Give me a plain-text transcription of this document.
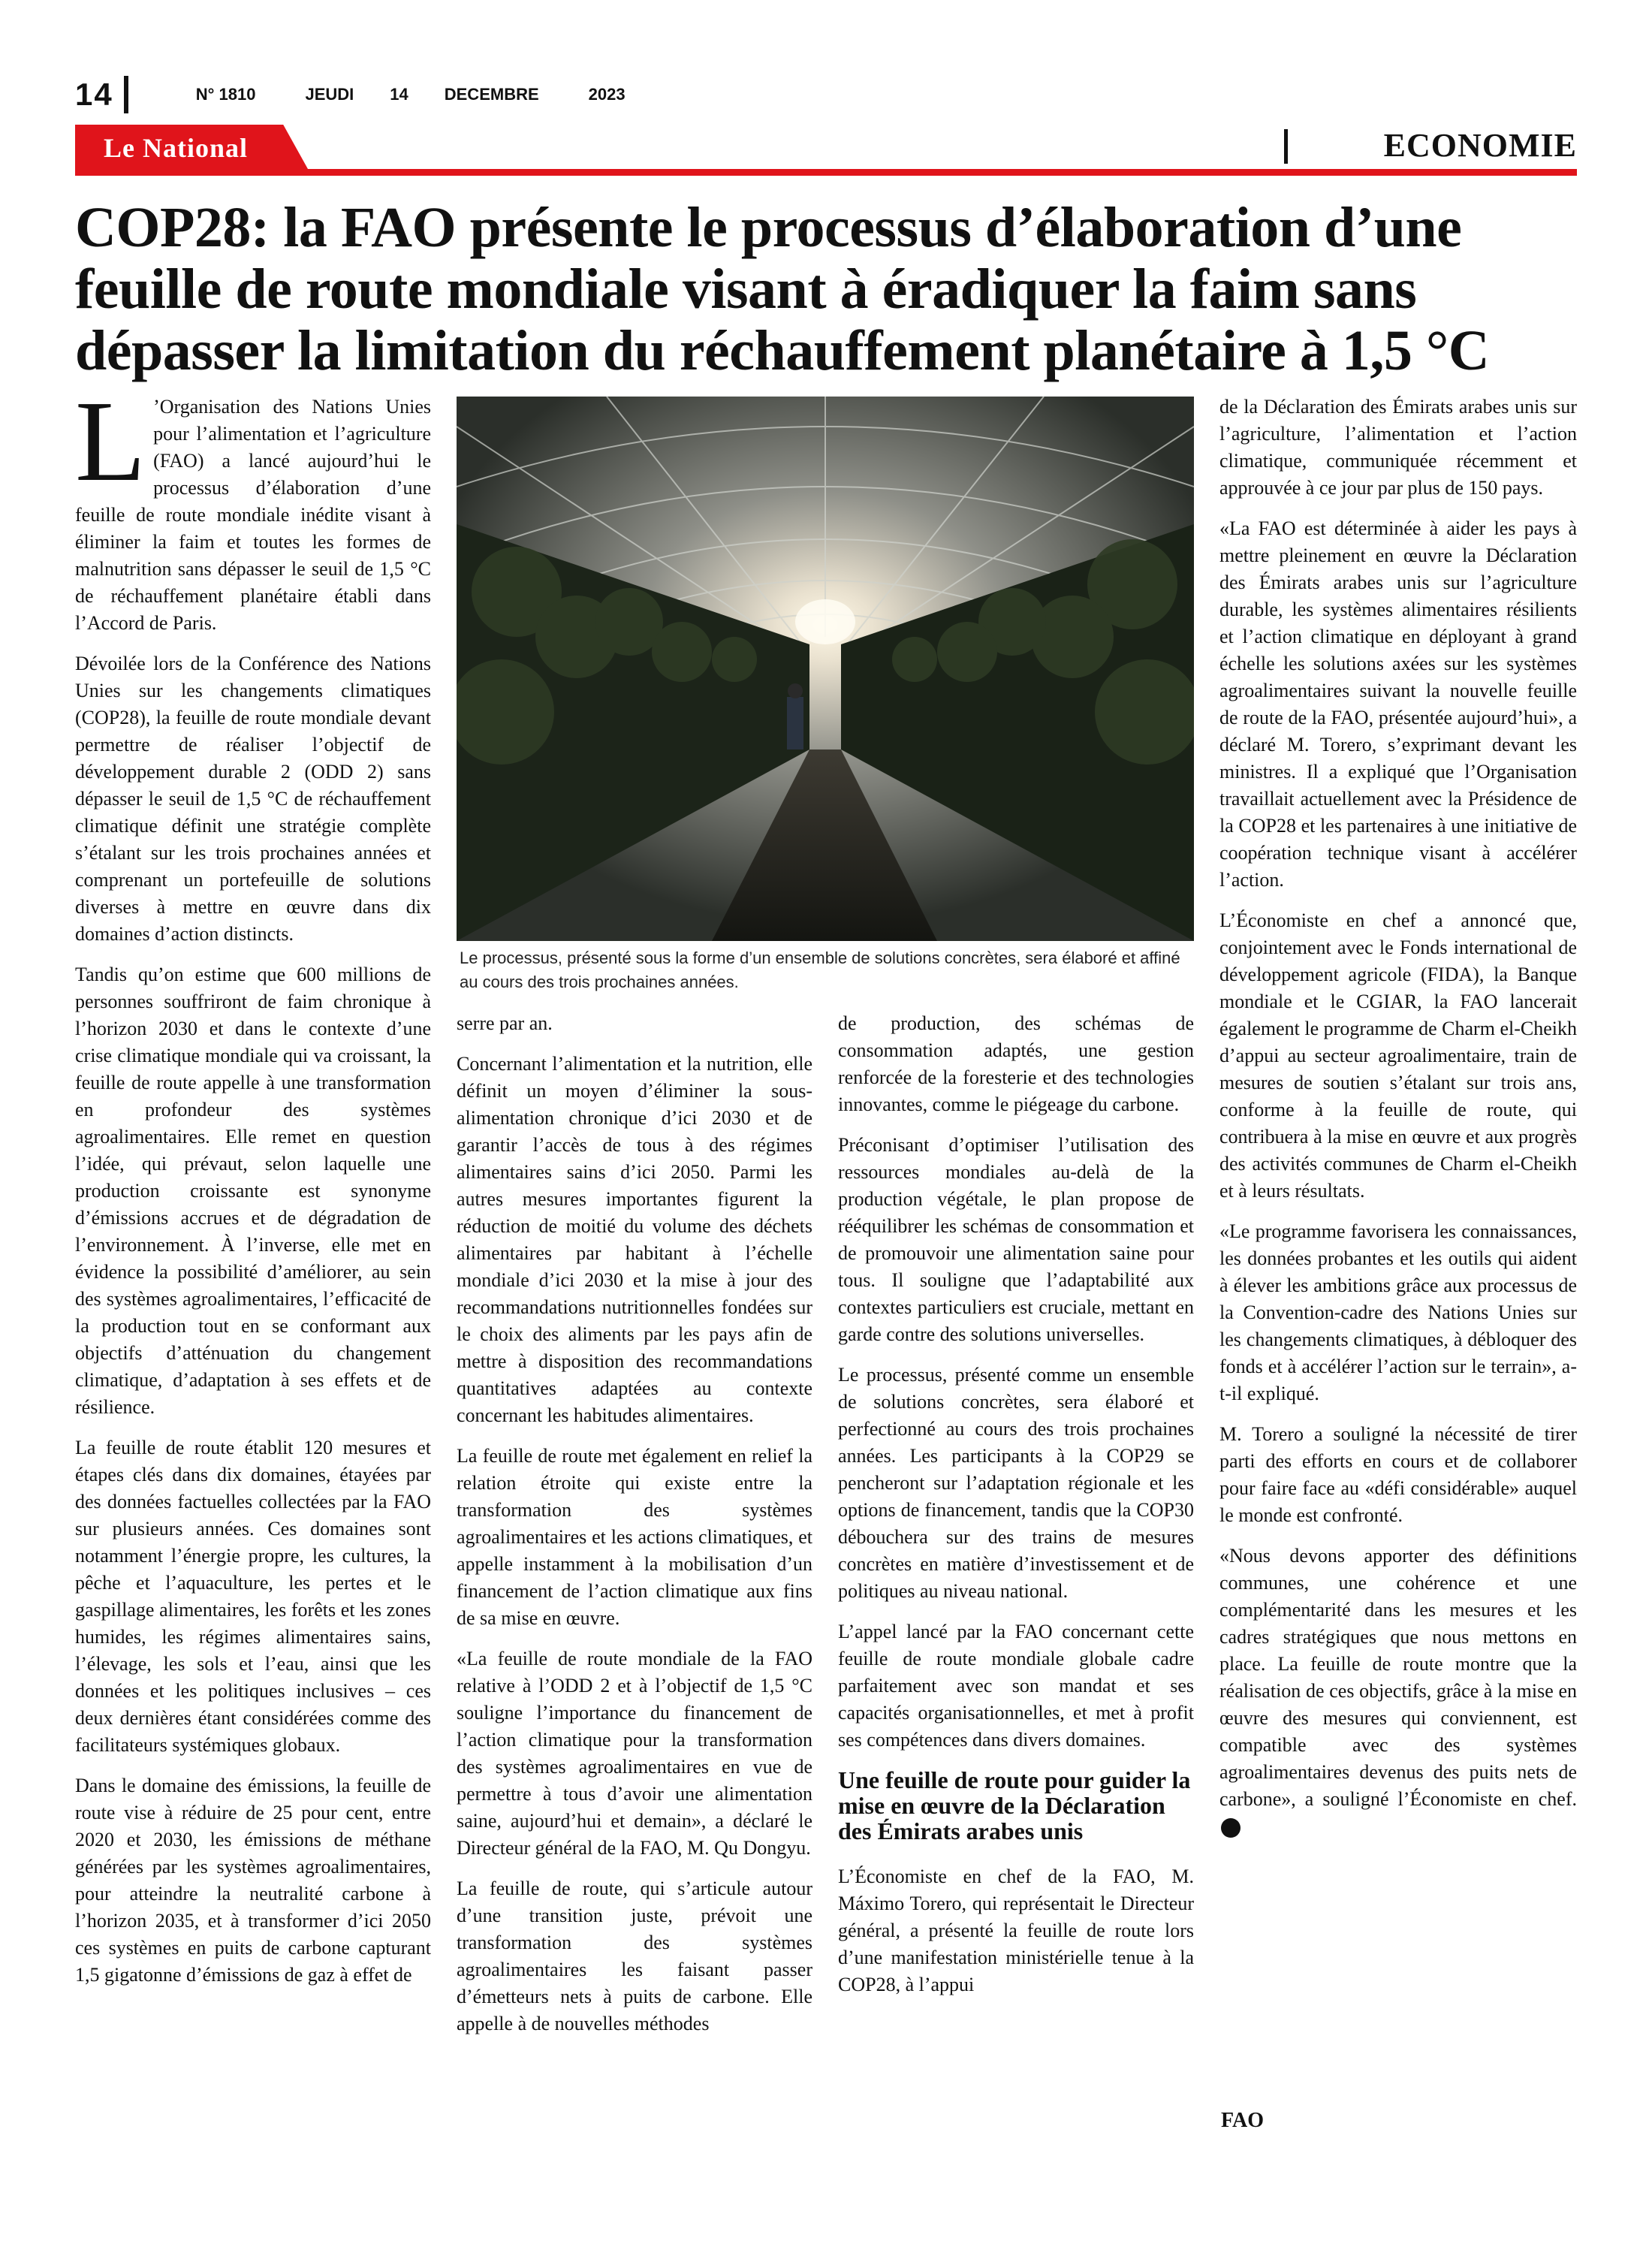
14	N° 1810	JEUDI 14 DECEMBRE	2023
Le National	ECONOMIE
COP28: la FAO présente le processus d’élaboration d’une feuille de route mondiale visant à éradiquer la faim sans dépasser la limitation du réchauffement planétaire à 1,5 °C

L ’Organisation des Nations Unies pour l’alimentation et l’agriculture (FAO) a lancé aujourd’hui le processus d’élaboration d’une feuille de route mondiale inédite visant à éliminer la faim et toutes les formes de malnutrition sans dépasser le seuil de 1,5 °C de réchauffement planétaire établi dans l’Accord de Paris.

Dévoilée lors de la Conférence des Nations Unies sur les changements climatiques (COP28), la feuille de route mondiale devant permettre de réaliser l’objectif de développement durable 2 (ODD 2) sans dépasser le seuil de 1,5 °C de réchauffement climatique définit une stratégie complète s’étalant sur les trois prochaines années et comprenant un portefeuille de solutions diverses à mettre en œuvre dans dix domaines d’action distincts.

Tandis qu’on estime que 600 millions de personnes souffriront de faim chronique à l’horizon 2030 et dans le contexte d’une crise climatique mondiale qui va croissant, la feuille de route appelle à une transformation en profondeur des systèmes agroalimentaires. Elle remet en question l’idée, qui prévaut, selon laquelle une production croissante est synonyme d’émissions accrues et de dégradation de l’environnement. À l’inverse, elle met en évidence la possibilité d’améliorer, au sein des systèmes agroalimentaires, l’efficacité de la production tout en se conformant aux objectifs d’atténuation du changement climatique, d’adaptation à ses effets et de résilience.

La feuille de route établit 120 mesures et étapes clés dans dix domaines, étayées par des données factuelles collectées par la FAO sur plusieurs années. Ces domaines sont notamment l’énergie propre, les cultures, la pêche et l’aquaculture, les pertes et le gaspillage alimentaires, les forêts et les zones humides, les régimes alimentaires sains, l’élevage, les sols et l’eau, ainsi que les données et les politiques inclusives – ces deux dernières étant considérées comme des facilitateurs systémiques globaux.

Dans le domaine des émissions, la feuille de route vise à réduire de 25 pour cent, entre 2020 et 2030, les émissions de méthane générées par les systèmes agroalimentaires, pour atteindre la neutralité carbone à l’horizon 2035, et à transformer d’ici 2050 ces systèmes en puits de carbone capturant 1,5 gigatonne d’émissions de gaz à effet de

Le processus, présenté sous la forme d’un ensemble de solutions concrètes, sera élaboré et affiné au cours des trois prochaines années.

serre par an.

Concernant l’alimentation et la nutrition, elle définit un moyen d’éliminer la sous-alimentation chronique d’ici 2030 et de garantir l’accès de tous à des régimes alimentaires sains d’ici 2050. Parmi les autres mesures importantes figurent la réduction de moitié du volume des déchets alimentaires par habitant à l’échelle mondiale d’ici 2030 et la mise à jour des recommandations nutritionnelles fondées sur le choix des aliments par les pays afin de mettre à disposition des recommandations quantitatives adaptées au contexte concernant les habitudes alimentaires.

La feuille de route met également en relief la relation étroite qui existe entre la transformation des systèmes agroalimentaires et les actions climatiques, et appelle instamment à la mobilisation d’un financement de l’action climatique aux fins de sa mise en œuvre.

«La feuille de route mondiale de la FAO relative à l’ODD 2 et à l’objectif de 1,5 °C souligne l’importance du financement de l’action climatique pour la transformation des systèmes agroalimentaires en vue de permettre à tous d’avoir une alimentation saine, aujourd’hui et demain», a déclaré le Directeur général de la FAO, M. Qu Dongyu.

La feuille de route, qui s’articule autour d’une transition juste, prévoit une transformation des systèmes agroalimentaires les faisant passer d’émetteurs nets à puits de carbone. Elle appelle à de nouvelles méthodes

de production, des schémas de consommation adaptés, une gestion renforcée de la foresterie et des technologies innovantes, comme le piégeage du carbone.

Préconisant d’optimiser l’utilisation des ressources mondiales au-delà de la production végétale, le plan propose de rééquilibrer les schémas de consommation et de promouvoir une alimentation saine pour tous. Il souligne que l’adaptabilité aux contextes particuliers est cruciale, mettant en garde contre des solutions universelles.

Le processus, présenté comme un ensemble de solutions concrètes, sera élaboré et perfectionné au cours des trois prochaines années. Les participants à la COP29 se pencheront sur l’adaptation régionale et les options de financement, tandis que la COP30 débouchera sur des trains de mesures concrètes en matière d’investissement et de politiques au niveau national.

L’appel lancé par la FAO concernant cette feuille de route mondiale globale cadre parfaitement avec son mandat et ses capacités organisationnelles, et met à profit ses compétences dans divers domaines.

Une feuille de route pour guider la mise en œuvre de la Déclaration des Émirats arabes unis

L’Économiste en chef de la FAO, M. Máximo Torero, qui représentait le Directeur général, a présenté la feuille de route lors d’une manifestation ministérielle tenue à la COP28, à l’appui

de la Déclaration des Émirats arabes unis sur l’agriculture, l’alimentation et l’action climatique, communiquée récemment et approuvée à ce jour par plus de 150 pays.

«La FAO est déterminée à aider les pays à mettre pleinement en œuvre la Déclaration des Émirats arabes unis sur l’agriculture durable, les systèmes alimentaires résilients et l’action climatique en déployant à grand échelle les solutions axées sur les systèmes agroalimentaires suivant la nouvelle feuille de route de la FAO, présentée aujourd’hui», a déclaré M. Torero, s’exprimant devant les ministres. Il a expliqué que l’Organisation travaillait actuellement avec la Présidence de la COP28 et les partenaires à une initiative de coopération technique visant à accélérer l’action.

L’Économiste en chef a annoncé que, conjointement avec le Fonds international de développement agricole (FIDA), la Banque mondiale et le CGIAR, la FAO lancerait également le programme de Charm el-Cheikh d’appui au secteur agroalimentaire, train de mesures de soutien s’étalant sur trois ans, conforme à la feuille de route, qui contribuera à la mise en œuvre et aux progrès des activités communes de Charm el-Cheikh et à leurs résultats.

«Le programme favorisera les connaissances, les données probantes et les outils qui aident à élever les ambitions grâce aux processus de la Convention-cadre des Nations Unies sur les changements climatiques, à débloquer des fonds et à accélérer l’action sur le terrain», a-t-il expliqué.

M. Torero a souligné la nécessité de tirer parti des efforts en cours et de collaborer pour faire face au «défi considérable» auquel le monde est confronté.

«Nous devons apporter des définitions communes, une cohérence et une complémentarité dans les mesures et les cadres stratégiques que nous mettons en place. La feuille de route montre que la réalisation de ces objectifs, grâce à la mise en œuvre des mesures qui conviennent, est compatible avec des systèmes agroalimentaires devenus des puits nets de carbone», a souligné l’Économiste en chef.

FAO
